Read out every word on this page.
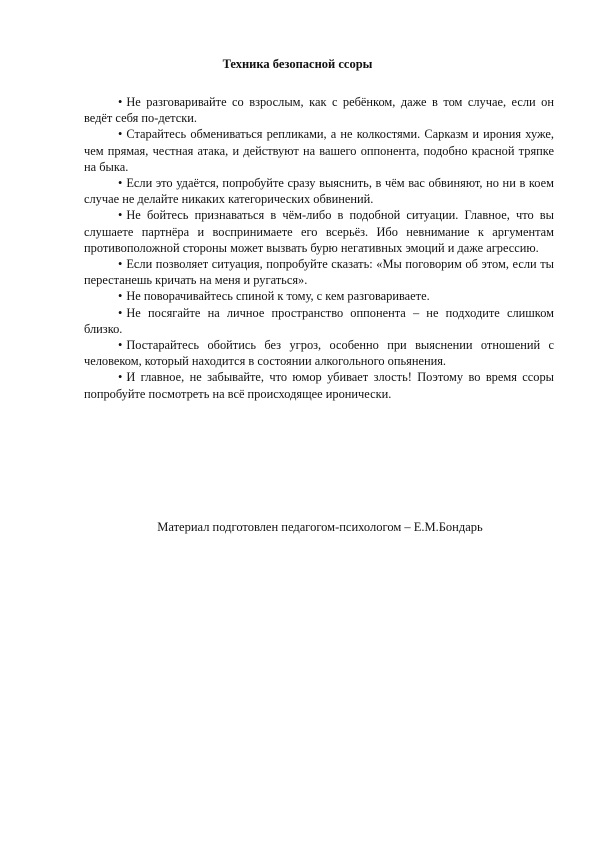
Техника безопасной ссоры

• Не разговаривайте со взрослым, как с ребёнком, даже в том случае, если он ведёт себя по-детски.

• Старайтесь обмениваться репликами, а не колкостями. Сарказм и ирония хуже, чем прямая, честная атака, и действуют на вашего оппонента, подобно красной тряпке на быка.

• Если это удаётся, попробуйте сразу выяснить, в чём вас обвиняют, но ни в коем случае не делайте никаких категорических обвинений.

• Не бойтесь признаваться в чём-либо в подобной ситуации. Главное, что вы слушаете партнёра и воспринимаете его всерьёз. Ибо невнимание к аргументам противоположной стороны может вызвать бурю негативных эмоций и даже агрессию.

• Если позволяет ситуация, попробуйте сказать: «Мы поговорим об этом, если ты перестанешь кричать на меня и ругаться».

• Не поворачивайтесь спиной к тому, с кем разговариваете.

• Не посягайте на личное пространство оппонента – не подходите слишком близко.

• Постарайтесь обойтись без угроз, особенно при выяснении отношений с человеком, который находится в состоянии алкогольного опьянения.

• И главное, не забывайте, что юмор убивает злость! Поэтому во время ссоры попробуйте посмотреть на всё происходящее иронически.

Материал подготовлен педагогом-психологом – Е.М.Бондарь
